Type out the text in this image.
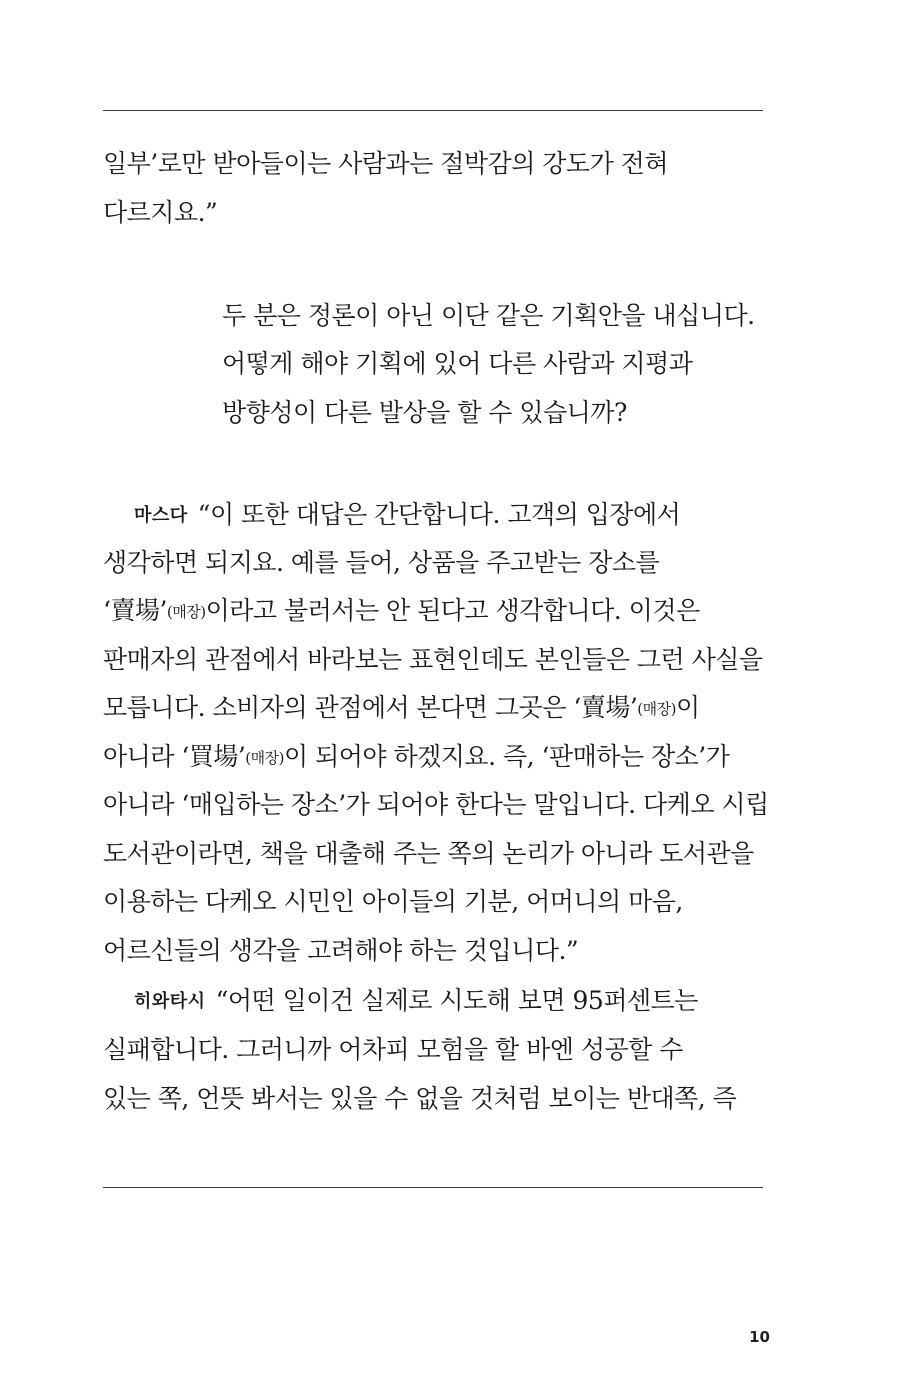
일부’로만 받아들이는 사람과는 절박감의 강도가 전혀
다르지요.”
두 분은 정론이 아닌 이단 같은 기획안을 내십니다.
어떻게 해야 기획에 있어 다른 사람과 지평과
방향성이 다른 발상을 할 수 있습니까?
마스다 “이 또한 대답은 간단합니다. 고객의 입장에서
생각하면 되지요. 예를 들어, 상품을 주고받는 장소를
‘賣場’(매장)이라고 불러서는 안 된다고 생각합니다. 이것은
판매자의 관점에서 바라보는 표현인데도 본인들은 그런 사실을
모릅니다. 소비자의 관점에서 본다면 그곳은 ‘賣場’(매장)이
아니라 ‘買場’(매장)이 되어야 하겠지요. 즉, ‘판매하는 장소’가
아니라 ‘매입하는 장소’가 되어야 한다는 말입니다. 다케오 시립
도서관이라면, 책을 대출해 주는 쪽의 논리가 아니라 도서관을
이용하는 다케오 시민인 아이들의 기분, 어머니의 마음,
어르신들의 생각을 고려해야 하는 것입니다.”
히와타시 “어떤 일이건 실제로 시도해 보면 95퍼센트는
실패합니다. 그러니까 어차피 모험을 할 바엔 성공할 수
있는 쪽, 언뜻 봐서는 있을 수 없을 것처럼 보이는 반대쪽, 즉
10
